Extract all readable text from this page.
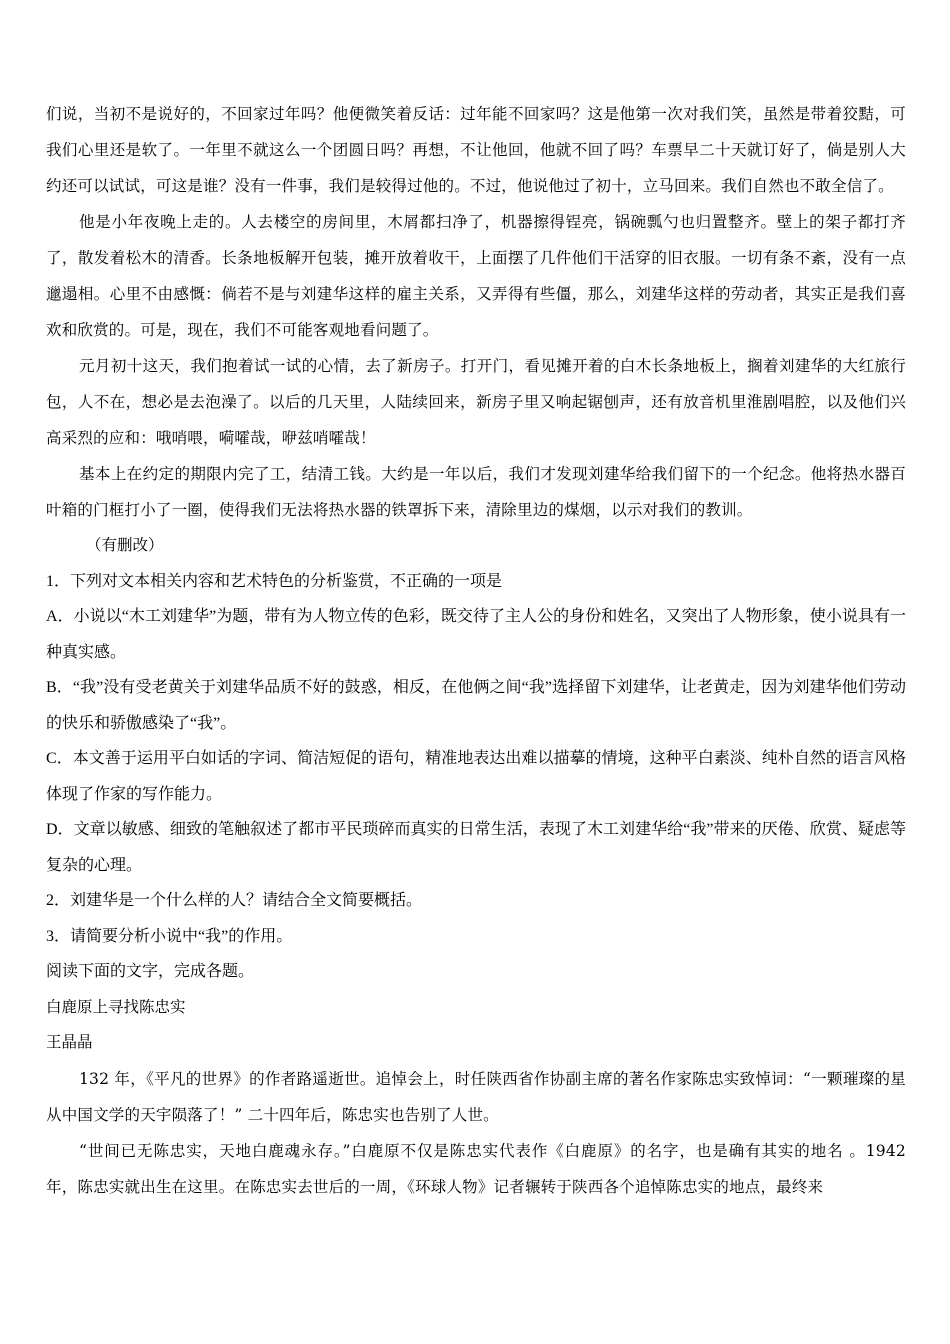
们说，当初不是说好的，不回家过年吗？他便微笑着反话：过年能不回家吗？这是他第一次对我们笑，虽然是带着狡黠，可我们心里还是软了。一年里不就这么一个团圆日吗？再想，不让他回，他就不回了吗？车票早二十天就订好了，倘是别人大约还可以试试，可这是谁？没有一件事，我们是较得过他的。不过，他说他过了初十，立马回来。我们自然也不敢全信了。

他是小年夜晚上走的。人去楼空的房间里，木屑都扫净了，机器擦得锃亮，锅碗瓢勺也归置整齐。壁上的架子都打齐了，散发着松木的清香。长条地板解开包装，摊开放着收干，上面摆了几件他们干活穿的旧衣服。一切有条不紊，没有一点邋遢相。心里不由感慨：倘若不是与刘建华这样的雇主关系，又弄得有些僵，那么，刘建华这样的劳动者，其实正是我们喜欢和欣赏的。可是，现在，我们不可能客观地看问题了。

元月初十这天，我们抱着试一试的心情，去了新房子。打开门，看见摊开着的白木长条地板上，搁着刘建华的大红旅行包，人不在，想必是去泡澡了。以后的几天里，人陆续回来，新房子里又响起锯刨声，还有放音机里淮剧唱腔，以及他们兴高采烈的应和：哦哨喂，嗬嚯哉，咿兹哨嚯哉！

基本上在约定的期限内完了工，结清工钱。大约是一年以后，我们才发现刘建华给我们留下的一个纪念。他将热水器百叶箱的门框打小了一圈，使得我们无法将热水器的铁罩拆下来，清除里边的煤烟，以示对我们的教训。

（有删改）

1．下列对文本相关内容和艺术特色的分析鉴赏，不正确的一项是

A．小说以“木工刘建华”为题，带有为人物立传的色彩，既交待了主人公的身份和姓名，又突出了人物形象，使小说具有一种真实感。

B．“我”没有受老黄关于刘建华品质不好的鼓惑，相反，在他俩之间“我”选择留下刘建华，让老黄走，因为刘建华他们劳动的快乐和骄傲感染了“我”。

C．本文善于运用平白如话的字词、简洁短促的语句，精准地表达出难以描摹的情境，这种平白素淡、纯朴自然的语言风格体现了作家的写作能力。

D．文章以敏感、细致的笔触叙述了都市平民琐碎而真实的日常生活，表现了木工刘建华给“我”带来的厌倦、欣赏、疑虑等复杂的心理。

2．刘建华是一个什么样的人？请结合全文简要概括。

3．请简要分析小说中“我”的作用。

阅读下面的文字，完成各题。

白鹿原上寻找陈忠实

王晶晶

132 年，《平凡的世界》的作者路遥逝世。追悼会上，时任陕西省作协副主席的著名作家陈忠实致悼词：“一颗璀璨的星从中国文学的天宇陨落了！” 二十四年后，陈忠实也告别了人世。

“世间已无陈忠实，天地白鹿魂永存。”白鹿原不仅是陈忠实代表作《白鹿原》的名字，也是确有其实的地名 。1942 年，陈忠实就出生在这里。在陈忠实去世后的一周，《环球人物》记者辗转于陕西各个追悼陈忠实的地点，最终来
